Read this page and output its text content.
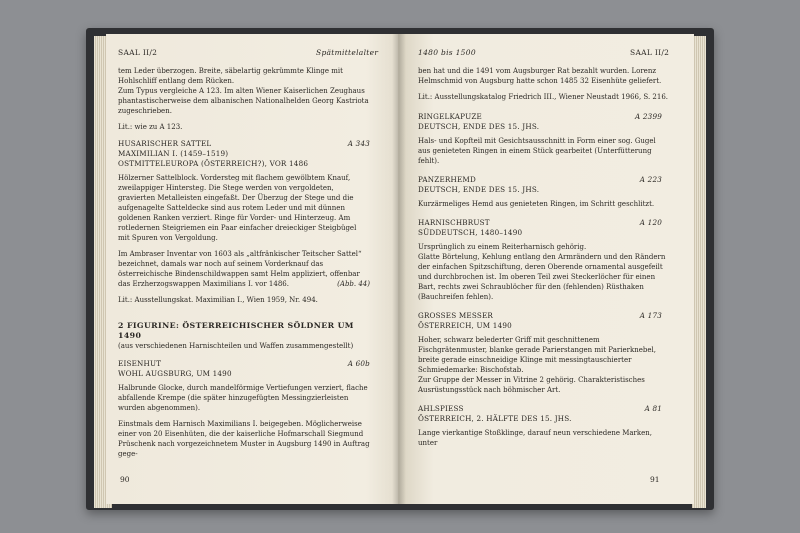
SAAL II/2	Spätmittelalter

tem Leder überzogen. Breite, säbelartig gekrümmte Klinge mit Hohlschliff entlang dem Rücken.
Zum Typus vergleiche A 123. Im alten Wiener Kaiserlichen Zeughaus phantastischerweise dem albanischen Nationalhelden Georg Kastriota zugeschrieben.

Lit.: wie zu A 123.

HUSARISCHER SATTEL	A 343
MAXIMILIAN I. (1459–1519)
OSTMITTELEUROPA (ÖSTERREICH?), VOR 1486

Hölzerner Sattelblock. Vordersteg mit flachem gewölbtem Knauf, zweilappiger Hintersteg. Die Stege werden von vergoldeten, gravierten Metalleisten eingefaßt. Der Überzug der Stege und die aufgenagelte Satteldecke sind aus rotem Leder und mit dünnen goldenen Ranken verziert. Ringe für Vorder- und Hinterzeug. Am rotledernen Steigriemen ein Paar einfacher dreieckiger Steigbügel mit Spuren von Vergoldung.

Im Ambraser Inventar von 1603 als „altfränkischer Teitscher Sattel“ bezeichnet, damals war noch auf seinem Vorderknauf das österreichische Bindenschildwappen samt Helm appliziert, offenbar das Erzherzogswappen Maximilians I. vor 1486.	(Abb. 44)

Lit.: Ausstellungskat. Maximilian I., Wien 1959, Nr. 494.

2 FIGURINE: ÖSTERREICHISCHER SÖLDNER UM 1490
(aus verschiedenen Harnischteilen und Waffen zusammengestellt)
EISENHUT	A 60b
WOHL AUGSBURG, UM 1490

Halbrunde Glocke, durch mandelförmige Vertiefungen verziert, flache abfallende Krempe (die später hinzugefügten Messingzierleisten wurden abgenommen).

Einstmals dem Harnisch Maximilians I. beigegeben. Möglicherweise einer von 20 Eisenhüten, die der kaiserliche Hofmarschall Siegmund Prüschenk nach vorgezeichnetem Muster in Augsburg 1490 in Auftrag gege-

90
1480 bis 1500	SAAL II/2

ben hat und die 1491 vom Augsburger Rat bezahlt wurden. Lorenz Helmschmid von Augsburg hatte schon 1485 32 Eisenhüte geliefert.

Lit.: Ausstellungskatalog Friedrich III., Wiener Neustadt 1966, S. 216.

RINGELKAPUZE	A 2399
DEUTSCH, ENDE DES 15. JHS.

Hals- und Kopfteil mit Gesichtsausschnitt in Form einer sog. Gugel aus genieteten Ringen in einem Stück gearbeitet (Unterfütterung fehlt).

PANZERHEMD	A 223
DEUTSCH, ENDE DES 15. JHS.

Kurzärmeliges Hemd aus genieteten Ringen, im Schritt geschlitzt.

HARNISCHBRUST	A 120
SÜDDEUTSCH, 1480–1490

Ursprünglich zu einem Reiterharnisch gehörig.
Glatte Börtelung, Kehlung entlang den Armrändern und den Rändern der einfachen Spitzschiftung, deren Oberende ornamental ausgefeilt und durchbrochen ist. Im oberen Teil zwei Steckerlöcher für einen Bart, rechts zwei Schraublöcher für den (fehlenden) Rüsthaken (Bauchreifen fehlen).

GROSSES MESSER	A 173
ÖSTERREICH, UM 1490

Hoher, schwarz belederter Griff mit geschnittenem Fischgrätenmuster, blanke gerade Parierstangen mit Parierknebel, breite gerade einschneidige Klinge mit messingtauschierter Schmiedemarke: Bischofstab.
Zur Gruppe der Messer in Vitrine 2 gehörig. Charakteristisches Ausrüstungsstück nach böhmischer Art.

AHLSPIESS	A 81
ÖSTERREICH, 2. HÄLFTE DES 15. JHS.

Lange vierkantige Stoßklinge, darauf neun verschiedene Marken, unter

91
